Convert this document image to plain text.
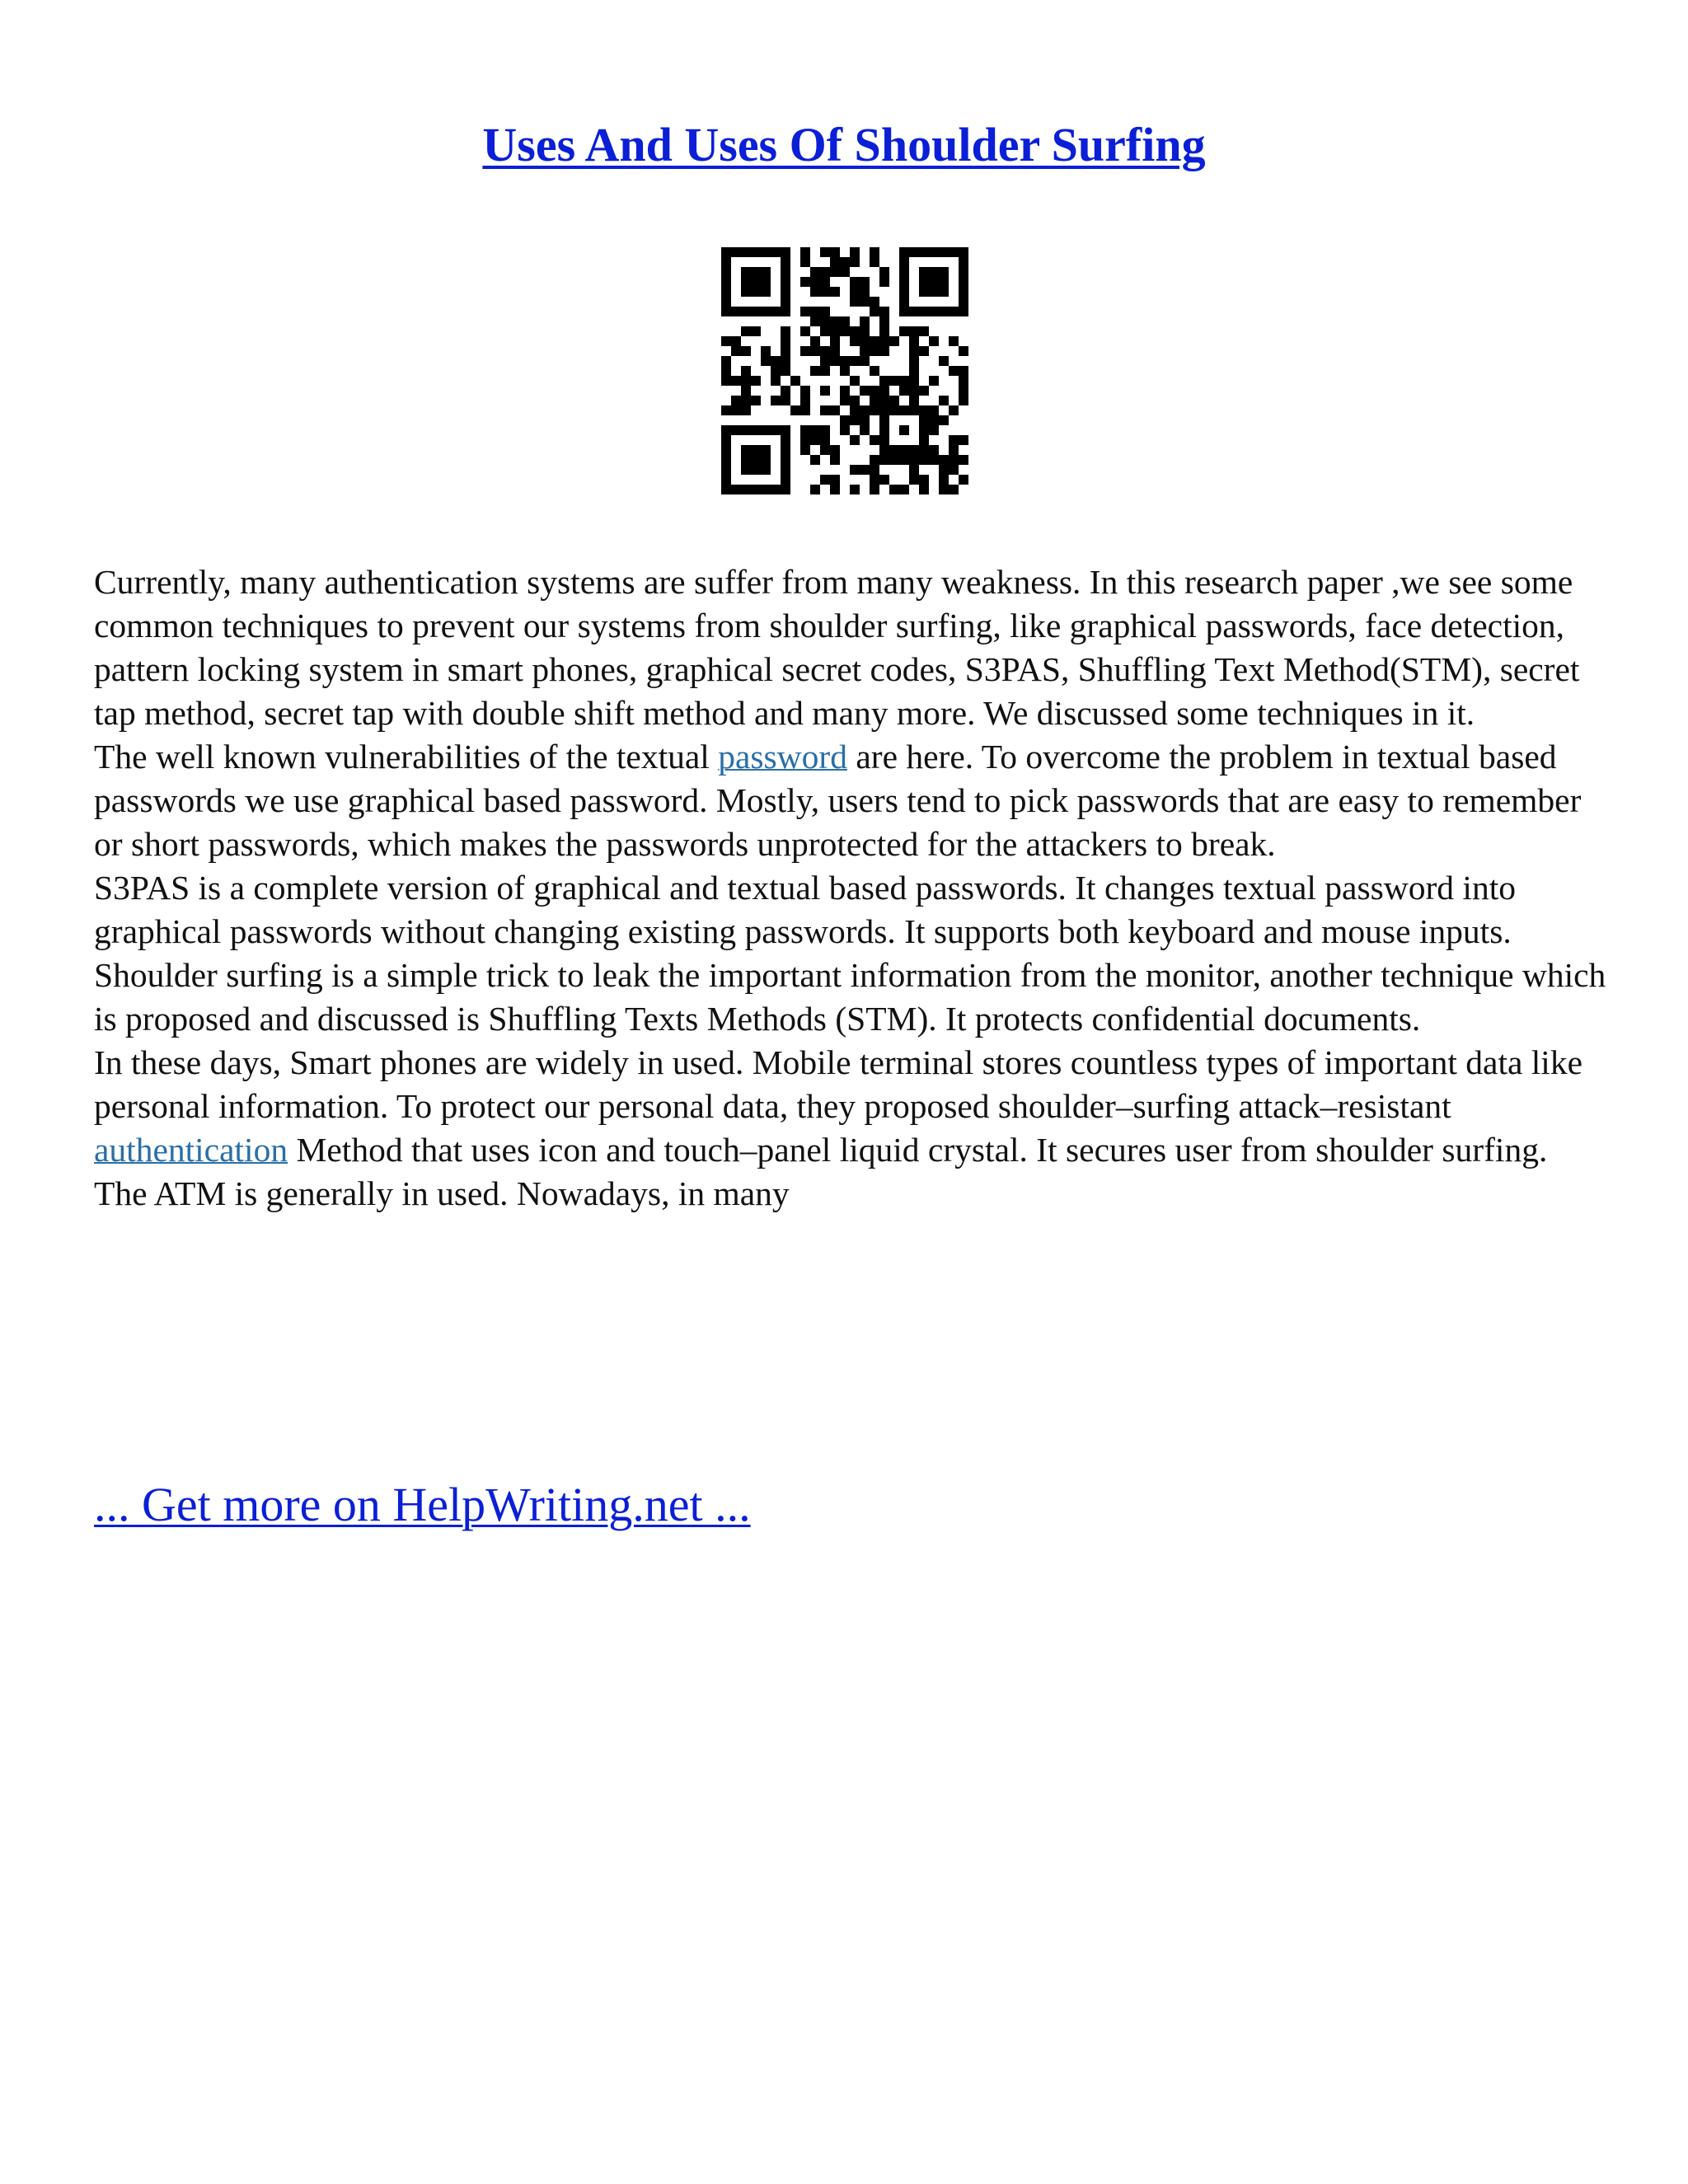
Uses And Uses Of Shoulder Surfing

Currently, many authentication systems are suffer from many weakness. In this research paper ,we see some common techniques to prevent our systems from shoulder surfing, like graphical passwords, face detection, pattern locking system in smart phones, graphical secret codes, S3PAS, Shuffling Text Method(STM), secret tap method, secret tap with double shift method and many more. We discussed some techniques in it.

The well known vulnerabilities of the textual password are here. To overcome the problem in textual based passwords we use graphical based password. Mostly, users tend to pick passwords that are easy to remember or short passwords, which makes the passwords unprotected for the attackers to break.

S3PAS is a complete version of graphical and textual based passwords. It changes textual password into graphical passwords without changing existing passwords. It supports both keyboard and mouse inputs.

Shoulder surfing is a simple trick to leak the important information from the monitor, another technique which is proposed and discussed is Shuffling Texts Methods (STM). It protects confidential documents.

In these days, Smart phones are widely in used. Mobile terminal stores countless types of important data like personal information. To protect our personal data, they proposed shoulder–surfing attack–resistant authentication Method that uses icon and touch–panel liquid crystal. It secures user from shoulder surfing.

The ATM is generally in used. Nowadays, in many

... Get more on HelpWriting.net ...
